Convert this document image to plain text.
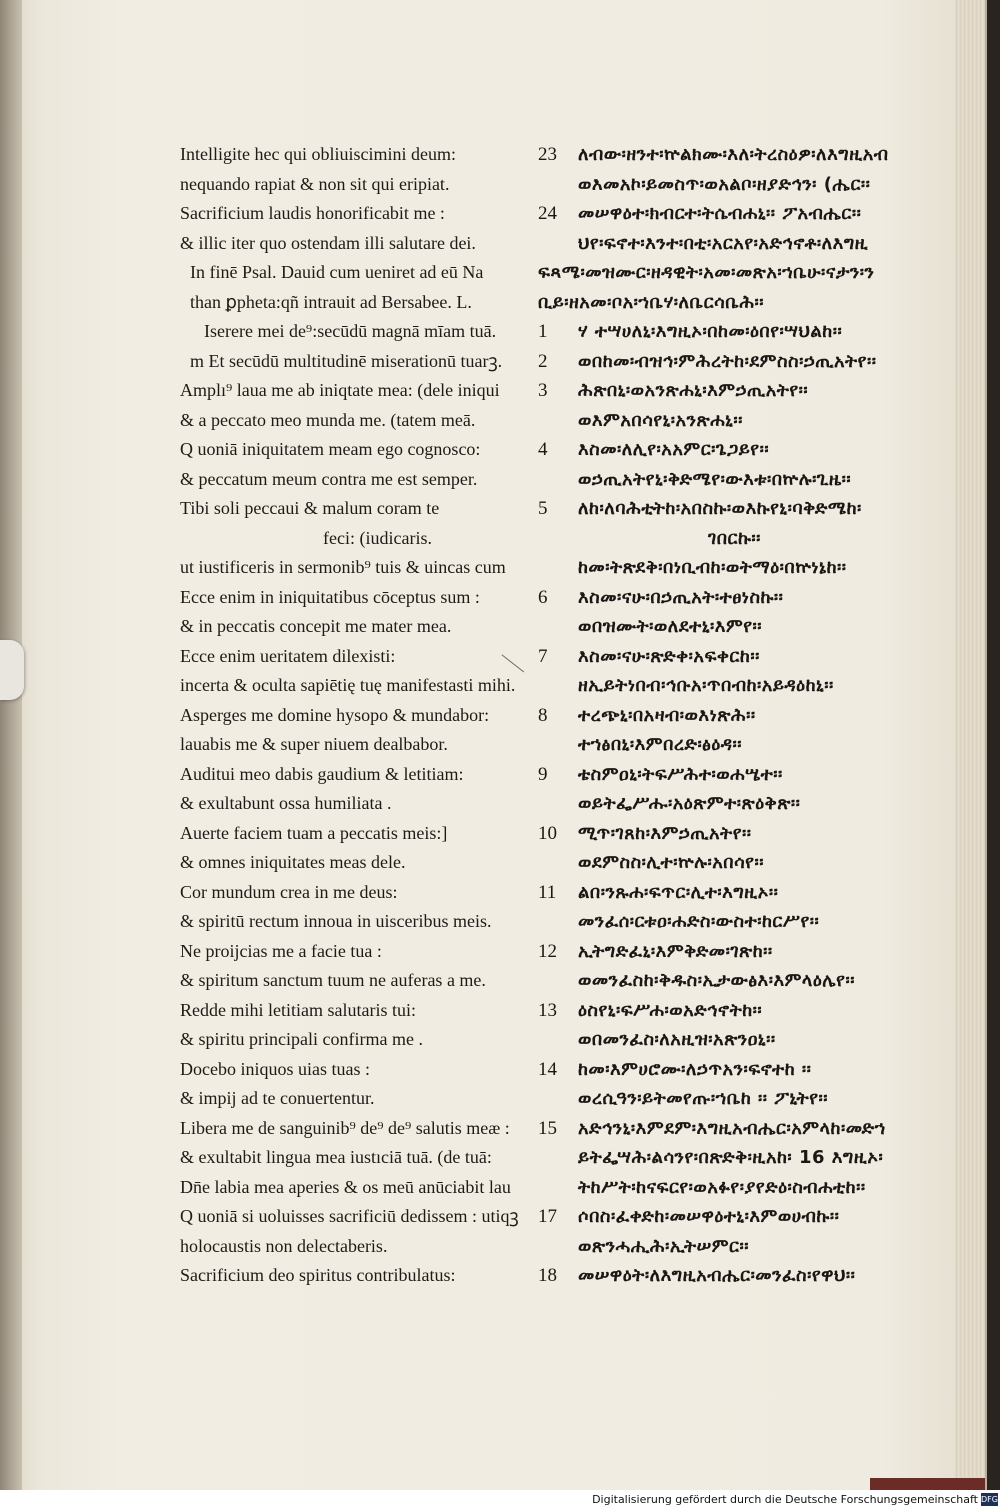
Intelligite hec qui obliuiscimini deum:
nequando rapiat & non sit qui eripiat.
Sacrificium laudis honorificabit me :
& illic iter quo ostendam illi salutare dei.
In finē Psal. Dauid cum ueniret ad eū Na
than ꝑpheta:qñ intrauit ad Bersabee. L.
Iserere mei de⁹:secūdū magnā mīam tuā.
m Et secūdū multitudinē miserationū tuarꝫ.
Amplı⁹ laua me ab iniqtate mea: (dele iniqui
& a peccato meo munda me. (tatem meā.
Q uoniā iniquitatem meam ego cognosco:
& peccatum meum contra me est semper.
Tibi soli peccaui & malum coram te
feci: (iudicaris.
ut iustificeris in sermonib⁹ tuis & uincas cum
Ecce enim in iniquitatibus cōceptus sum :
& in peccatis concepit me mater mea.
Ecce enim ueritatem dilexisti:
incerta & oculta sapiētię tuę manifestasti mihi.
Asperges me domine hysopo & mundabor:
lauabis me & super niuem dealbabor.
Auditui meo dabis gaudium & letitiam:
& exultabunt ossa humiliata .
Auerte faciem tuam a peccatis meis:]
& omnes iniquitates meas dele.
Cor mundum crea in me deus:
& spiritū rectum innoua in uisceribus meis.
Ne proijcias me a facie tua :
& spiritum sanctum tuum ne auferas a me.
Redde mihi letitiam salutaris tui:
& spiritu principali confirma me .
Docebo iniquos uias tuas :
& impij ad te conuertentur.
Libera me de sanguinib⁹ de⁹ de⁹ salutis meæ :
& exultabit lingua mea iustıciā tuā. (de tuā:
Dn̄e labia mea aperies & os meū anūciabit lau
Q uoniā si uoluisses sacrificiū dedissem : utiqꝫ
holocaustis non delectaberis.
Sacrificium deo spiritus contribulatus:
23 ለብው፡ዘንተ፡ኵልክሙ፡እለ፡ትረስዕዎ፡ለእግዚአብ
ወእመአኮ፡ይመስጥ፡ወአልቦ፡ዘያድኅን፡ (ሔር፡፡
24 መሠዋዕተ፡ክብርተ፡ትሴብሐኒ፡፡ ፖአብሔር፡፡
ህየ፡ፍኖተ፡እንተ፡በቲ፡አርአየ፡አድኅኖቶ፡ለእግዚ
ፍጻሜ፡መዝሙር፡ዘዳዊት፡አመ፡መጽአ፡ኀቤሁ፡ናታን፡ን
ቢይ፡ዘአመ፡ቦአ፡ኀቤሃ፡ለቤርሳቤሕ፡፡
1 ሃ ተሣሀለኒ፡እግዚኦ፡በከመ፡ዕበየ፡ሣህልከ፡፡
2 ወበከመ፡ብዝኅ፡ምሕረትከ፡ደምስስ፡ኃጢአትየ፡፡
3 ሕጽበኒ፡ወአንጽሐኒ፡እምኃጢአትየ፡፡
ወእምአበሳየኒ፡አንጽሐኒ፡፡
4 እስመ፡ለሊየ፡አአምር፡ጌጋይየ፡፡
ወኃጢአትየኒ፡ቅድሜየ፡ውእቱ፡በኵሉ፡ጊዜ፡፡
5 ለከ፡ለባሕቲትከ፡አበስኩ፡ወእኩየኒ፡ባቅድሜከ፡
ገበርኩ፡፡
ከመ፡ትጽደቅ፡በነቢብከ፡ወትማዕ፡በኵነኔከ፡፡
6 እስመ፡ናሁ፡በኃጢአት፡ተፀነስኩ፡፡
ወበዝሙት፡ወለደተኒ፡እምየ፡፡
7 እስመ፡ናሁ፡ጽድቀ፡አፍቀርከ፡፡
ዘኢይትነበብ፡ኅቡአ፡ጥበብከ፡አይዳዕከኒ፡፡
8 ተረጭኒ፡በአዛብ፡ወእነጽሕ፡፡
ተኀፅበኒ፡እምበረድ፡ፅዕዳ፡፡
9 ቴስምዐኒ፡ትፍሥሕተ፡ወሐሤተ፡፡
ወይትፌሥሑ፡አዕጽምተ፡ጽዕቅጽ፡፡
10 ሚጥ፡ገጸከ፡እምኃጢአትየ፡፡
ወደምስስ፡ሊተ፡ኵሉ፡አበሳየ፡፡
11 ልበ፡ንጹሐ፡ፍጥር፡ሊተ፡እግዚኦ፡፡
መንፈሰ፡ርቱዐ፡ሐድስ፡ውስተ፡ከርሥየ፡፡
12 ኢትግድፈኒ፡እምቅድመ፡ገጽከ፡፡
ወመንፈስከ፡ቅዱስ፡ኢታውፅእ፡እምላዕሌየ፡፡
13 ዕስየኒ፡ፍሥሐ፡ወአድኅኖትከ፡፡
ወበመንፈስ፡ለአዚዝ፡አጽንዐኒ፡፡
14 ከመ፡እምሀሮሙ፡ለኃጥአን፡ፍኖተከ ፡፡
ወረሲዓን፡ይትመየጡ፡ኀቤከ ፡፡ ፖኒትየ፡፡
15 አድኅንኒ፡እምደም፡እግዚአብሔር፡አምላከ፡መድኀ
ይትፌሣሕ፡ልሳንየ፡በጽድቅ፡ዚአከ፡ 16 እግዚኦ፡
ትከሥት፡ከናፍርየ፡ወአፉየ፡ያየድዕ፡ስብሐቲከ፡፡
17 ሶበስ፡ፈቀድከ፡መሠዋዕተኒ፡እምወሀብኩ፡፡
ወጽንሓሒሕ፡ኢትሠምር፡፡
18 መሠዋዕት፡ለእግዚአብሔር፡መንፈስ፡የዋህ፡፡
Digitalisierung gefördert durch die Deutsche Forschungsgemeinschaft DFG
